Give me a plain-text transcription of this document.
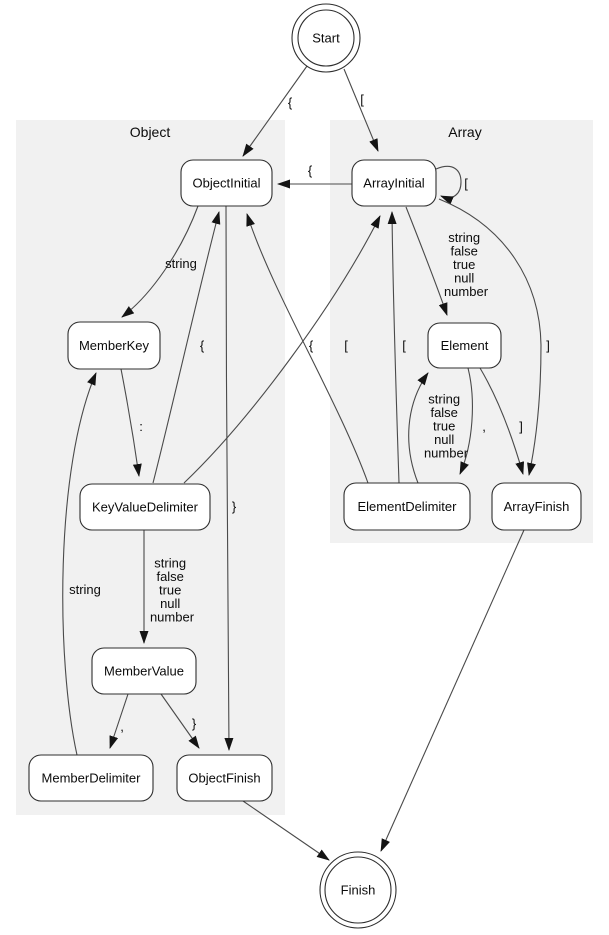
Object	Array
{	[
{
[
string
:
{	[
{	[
string false true null number
]
string false true null number
,	]
}
string false true null number
,	}
string
Start
ObjectInitial	ArrayInitial
MemberKey	Element
KeyValueDelimiter	ElementDelimiter	ArrayFinish
MemberValue
MemberDelimiter	ObjectFinish
Finish
